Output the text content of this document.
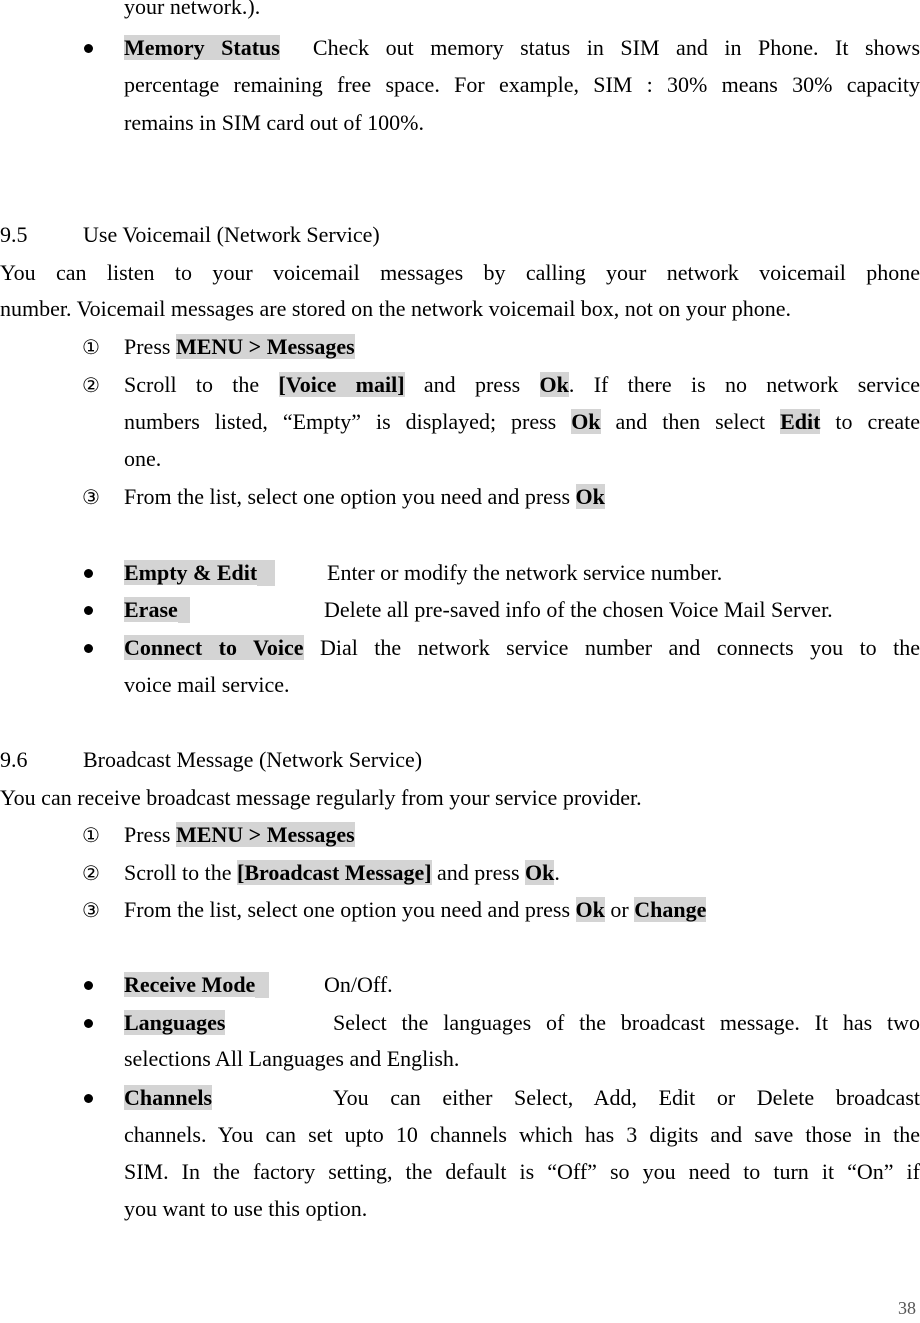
your network.).
Memory Status Check out memory status in SIM and in Phone. It shows
percentage remaining free space. For example, SIM : 30% means 30% capacity
remains in SIM card out of 100%.
9.5	Use Voicemail (Network Service)
You can listen to your voicemail messages by calling your network voicemail phone
number. Voicemail messages are stored on the network voicemail box, not on your phone.
① Press MENU > Messages
② Scroll to the [Voice mail] and press Ok. If there is no network service
numbers listed, “Empty” is displayed; press Ok and then select Edit to create
one.
③ From the list, select one option you need and press Ok
Empty & Edit	Enter or modify the network service number.
Erase	Delete all pre-saved info of the chosen Voice Mail Server.
Connect to Voice Dial the network service number and connects you to the
voice mail service.
9.6	Broadcast Message (Network Service)
You can receive broadcast message regularly from your service provider.
① Press MENU > Messages
② Scroll to the [Broadcast Message] and press Ok.
③ From the list, select one option you need and press Ok or Change
Receive Mode	On/Off.
Languages	Select the languages of the broadcast message. It has two
selections All Languages and English.
Channels	You can either Select, Add, Edit or Delete broadcast
channels. You can set upto 10 channels which has 3 digits and save those in the
SIM. In the factory setting, the default is “Off” so you need to turn it “On” if
you want to use this option.
38
